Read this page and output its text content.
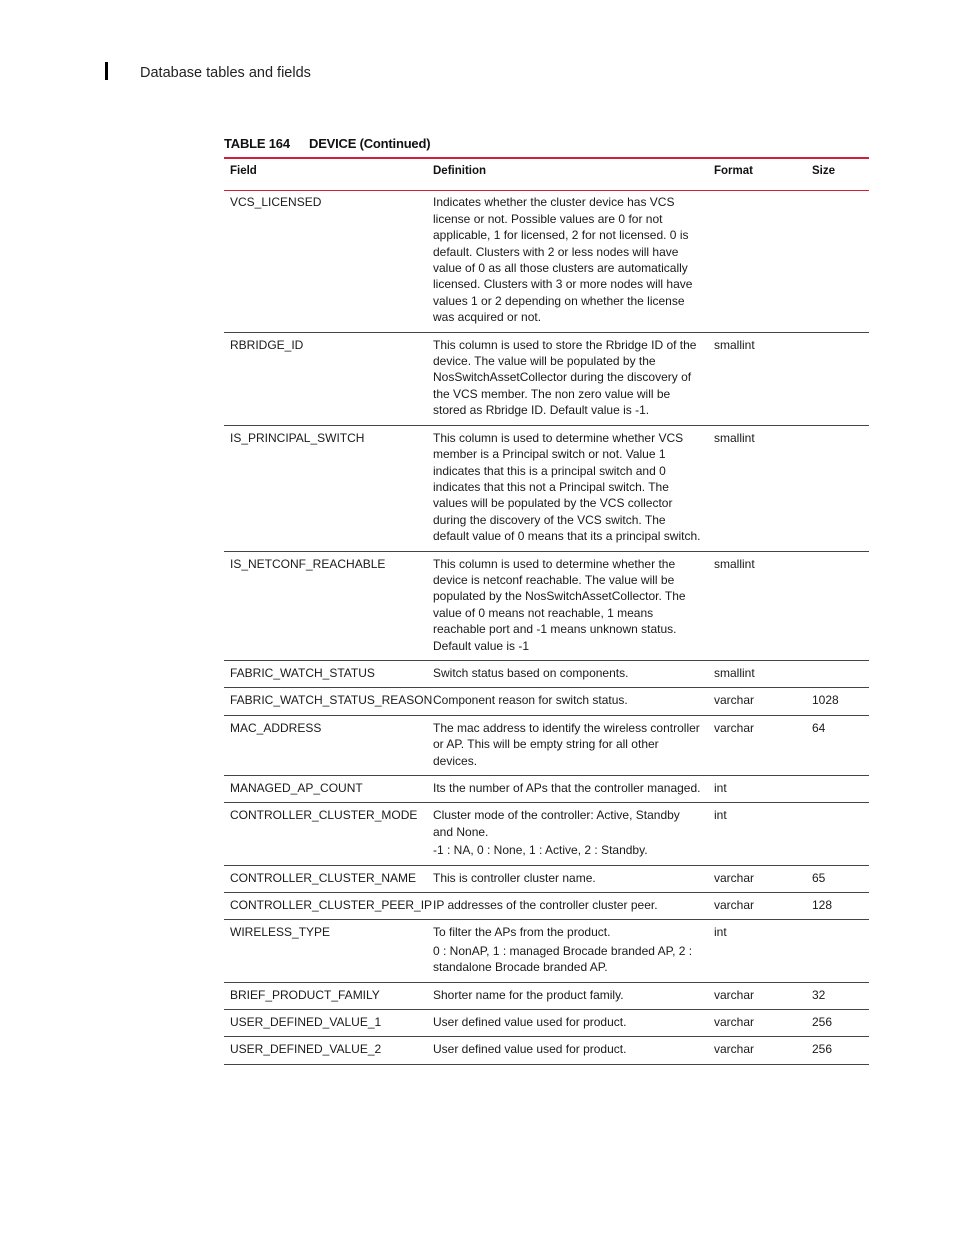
Database tables and fields
TABLE 164 DEVICE (Continued)
Field	Definition	Format	Size
VCS_LICENSED	Indicates whether the cluster device has VCS license or not. Possible values are 0 for not applicable, 1 for licensed, 2 for not licensed. 0 is default. Clusters with 2 or less nodes will have value of 0 as all those clusters are automatically licensed. Clusters with 3 or more nodes will have values 1 or 2 depending on whether the license was acquired or not.		

RBRIDGE_ID	This column is used to store the Rbridge ID of the device. The value will be populated by the NosSwitchAssetCollector during the discovery of the VCS member. The non zero value will be stored as Rbridge ID. Default value is -1.	smallint	
IS_PRINCIPAL_SWITCH	This column is used to determine whether VCS member is a Principal switch or not. Value 1 indicates that this is a principal switch and 0 indicates that this not a Principal switch. The values will be populated by the VCS collector during the discovery of the VCS switch. The default value of 0 means that its a principal switch.	smallint	
IS_NETCONF_REACHABLE	This column is used to determine whether the device is netconf reachable. The value will be populated by the NosSwitchAssetCollector. The value of 0 means not reachable, 1 means reachable port and -1 means unknown status. Default value is -1	smallint	
FABRIC_WATCH_STATUS	Switch status based on components.	smallint	
FABRIC_WATCH_STATUS_REASON	Component reason for switch status.	varchar	1028
MAC_ADDRESS	The mac address to identify the wireless controller or AP. This will be empty string for all other devices.	varchar	64
MANAGED_AP_COUNT	Its the number of APs that the controller managed.	int	
CONTROLLER_CLUSTER_MODE	Cluster mode of the controller: Active, Standby and None.
-1 : NA, 0 : None, 1 : Active, 2 : Standby.	int	
CONTROLLER_CLUSTER_NAME	This is controller cluster name.	varchar	65
CONTROLLER_CLUSTER_PEER_IP	IP addresses of the controller cluster peer.	varchar	128
WIRELESS_TYPE	To filter the APs from the product.
0 : NonAP, 1 : managed Brocade branded AP, 2 : standalone Brocade branded AP.	int	
BRIEF_PRODUCT_FAMILY	Shorter name for the product family.	varchar	32
USER_DEFINED_VALUE_1	User defined value used for product.	varchar	256
USER_DEFINED_VALUE_2	User defined value used for product.	varchar	256
